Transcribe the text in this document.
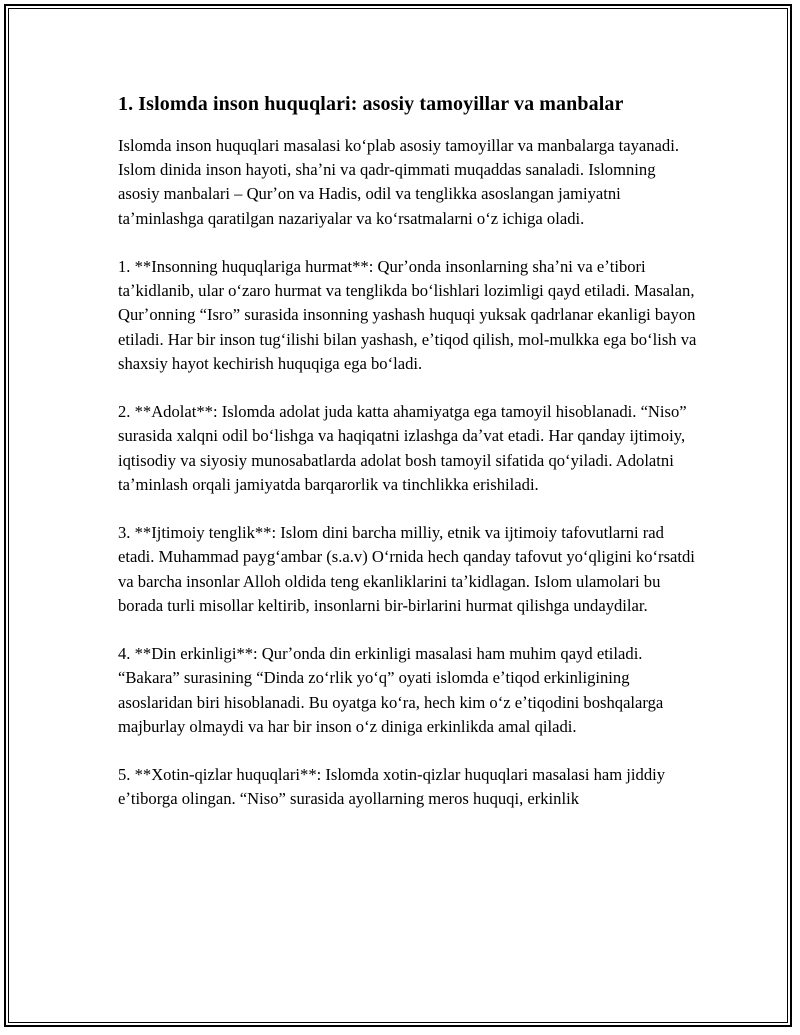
1. Islomda inson huquqlari: asosiy tamoyillar va manbalar

Islomda inson huquqlari masalasi koʻplab asosiy tamoyillar va manbalarga tayanadi. Islom dinida inson hayoti, shaʼni va qadr-qimmati muqaddas sanaladi. Islomning asosiy manbalari – Qurʼon va Hadis, odil va tenglikka asoslangan jamiyatni taʼminlashga qaratilgan nazariyalar va koʻrsatmalarni oʻz ichiga oladi.

1. **Insonning huquqlariga hurmat**: Qurʼonda insonlarning shaʼni va eʼtibori taʼkidlanib, ular oʻzaro hurmat va tenglikda boʻlishlari lozimligi qayd etiladi. Masalan, Qurʼonning “Isro” surasida insonning yashash huquqi yuksak qadrlanar ekanligi bayon etiladi. Har bir inson tugʻilishi bilan yashash, eʼtiqod qilish, mol-mulkka ega boʻlish va shaxsiy hayot kechirish huquqiga ega boʻladi.

2. **Adolat**: Islomda adolat juda katta ahamiyatga ega tamoyil hisoblanadi. “Niso” surasida xalqni odil boʻlishga va haqiqatni izlashga daʼvat etadi. Har qanday ijtimoiy, iqtisodiy va siyosiy munosabatlarda adolat bosh tamoyil sifatida qoʻyiladi. Adolatni taʼminlash orqali jamiyatda barqarorlik va tinchlikka erishiladi.

3. **Ijtimoiy tenglik**: Islom dini barcha milliy, etnik va ijtimoiy tafovutlarni rad etadi. Muhammad paygʻambar (s.a.v) Oʻrnida hech qanday tafovut yoʻqligini koʻrsatdi va barcha insonlar Alloh oldida teng ekanliklarini taʼkidlagan. Islom ulamolari bu borada turli misollar keltirib, insonlarni bir-birlarini hurmat qilishga undaydilar.

4. **Din erkinligi**: Qurʼonda din erkinligi masalasi ham muhim qayd etiladi. “Bakara” surasining “Dinda zoʻrlik yoʻq” oyati islomda eʼtiqod erkinligining asoslaridan biri hisoblanadi. Bu oyatga koʻra, hech kim oʻz eʼtiqodini boshqalarga majburlay olmaydi va har bir inson oʻz diniga erkinlikda amal qiladi.

5. **Xotin-qizlar huquqlari**: Islomda xotin-qizlar huquqlari masalasi ham jiddiy eʼtiborga olingan. “Niso” surasida ayollarning meros huquqi, erkinlik
